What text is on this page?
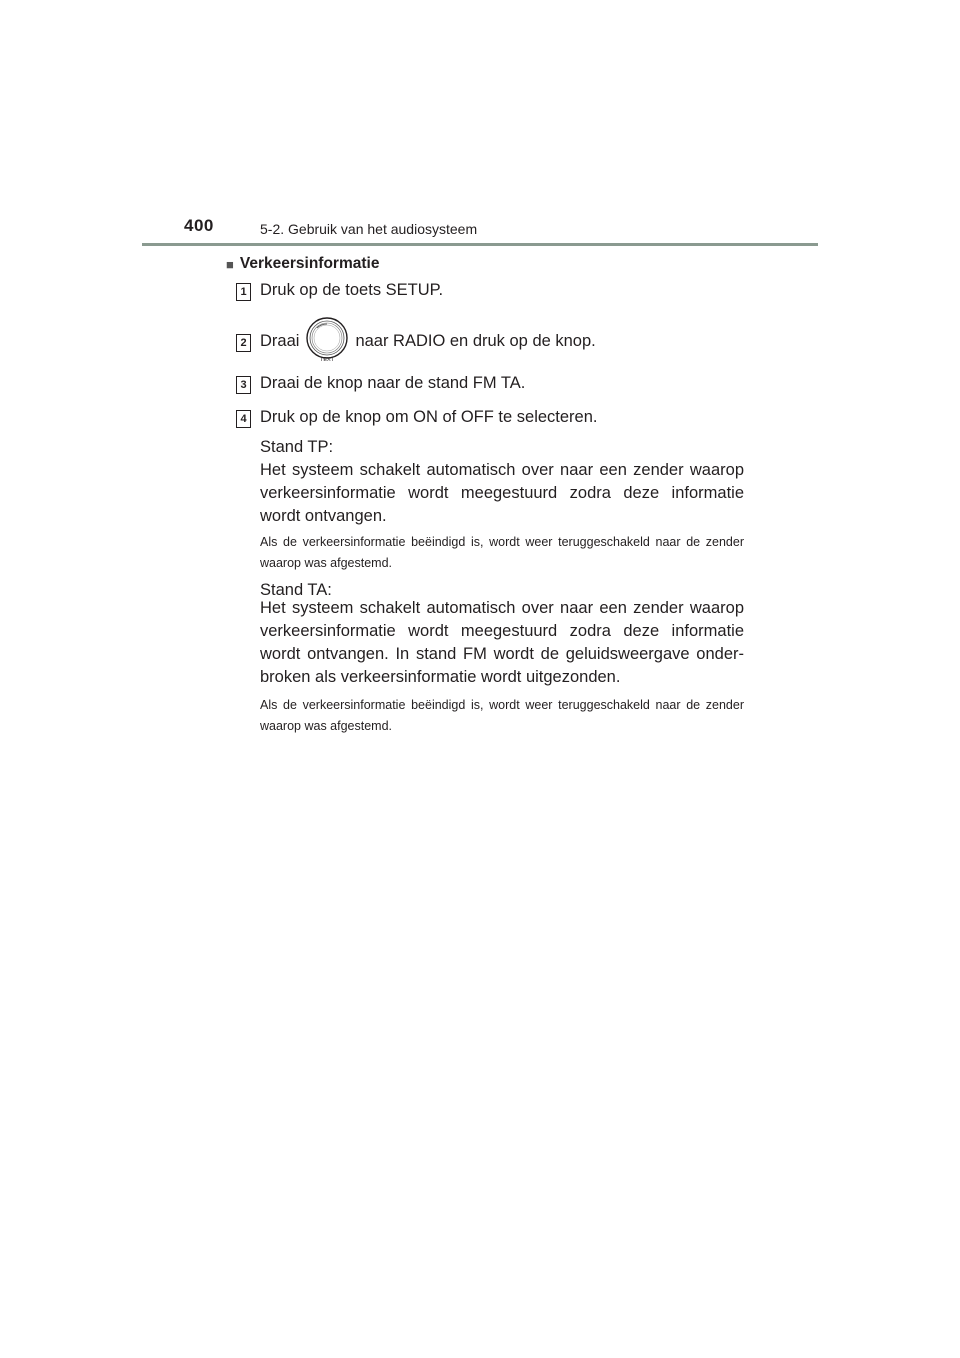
400	5-2. Gebruik van het audiosysteem
■ Verkeersinformatie
1 Druk op de toets SETUP.
2 Draai
TEXT
naar RADIO en druk op de knop.
3 Draai de knop naar de stand FM TA.
4 Druk op de knop om ON of OFF te selecteren.
Stand TP:
Het systeem schakelt automatisch over naar een zender waarop verkeersinformatie wordt meegestuurd zodra deze informatie wordt ontvangen.
Als de verkeersinformatie beëindigd is, wordt weer teruggeschakeld naar de zender waarop was afgestemd.
Stand TA:
Het systeem schakelt automatisch over naar een zender waarop verkeersinformatie wordt meegestuurd zodra deze informatie wordt ontvangen. In stand FM wordt de geluidsweergave onder-broken als verkeersinformatie wordt uitgezonden.
Als de verkeersinformatie beëindigd is, wordt weer teruggeschakeld naar de zender waarop was afgestemd.
